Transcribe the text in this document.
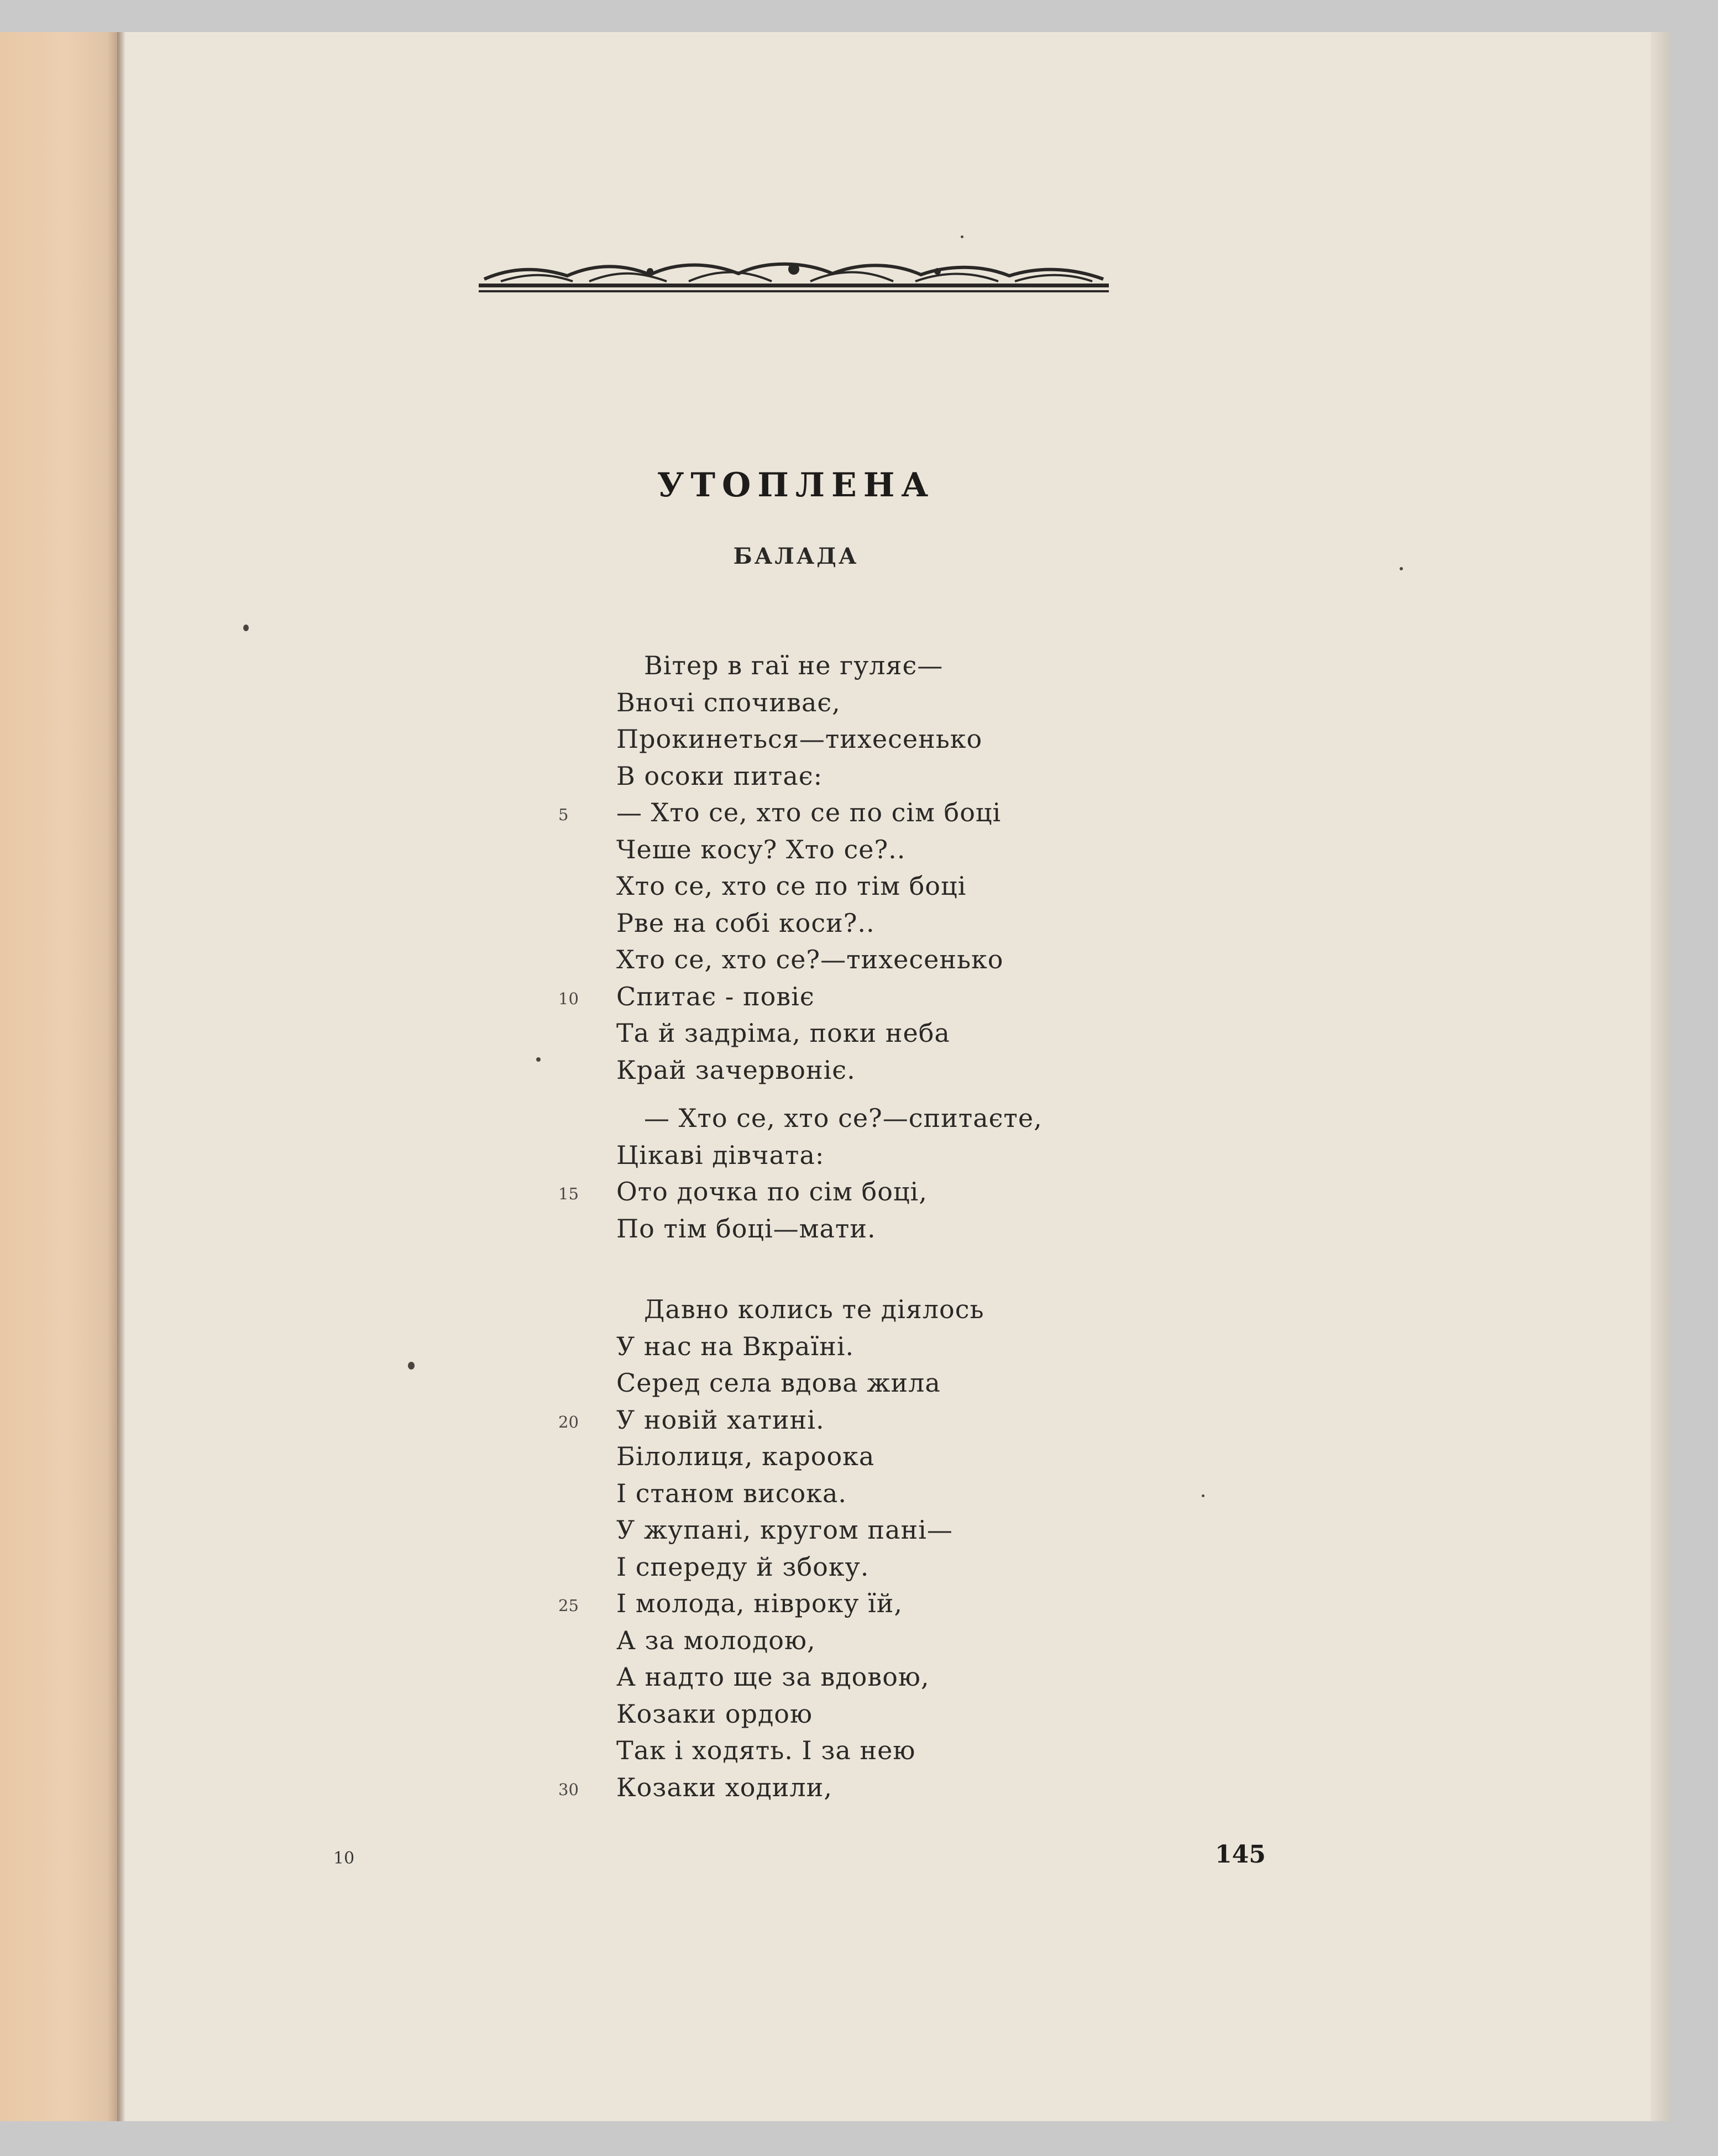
УТОПЛЕНА
БАЛАДА
Вітер в гаї не гуляє—
Вночі спочиває,
Прокинеться—тихесенько
В осоки питає:
— Хто се, хто се по сім боці
5
Чеше косу? Хто се?..
Хто се, хто се по тім боці
Рве на собі коси?..
Хто се, хто се?—тихесенько
Спитає - повіє
10
Та й задріма, поки неба
Край зачервоніє.
— Хто се, хто се?—спитаєте,
Цікаві дівчата:
Ото дочка по сім боці,
15
По тім боці—мати.
Давно колись те діялось
У нас на Вкраїні.
Серед села вдова жила
У новій хатині.
20
Білолиця, кароока
І станом висока.
У жупані, кругом пані—
І спереду й збоку.
І молода, нівроку їй,
25
А за молодою,
А надто ще за вдовою,
Козаки ордою
Так і ходять. І за нею
Козаки ходили,
30
10	145
